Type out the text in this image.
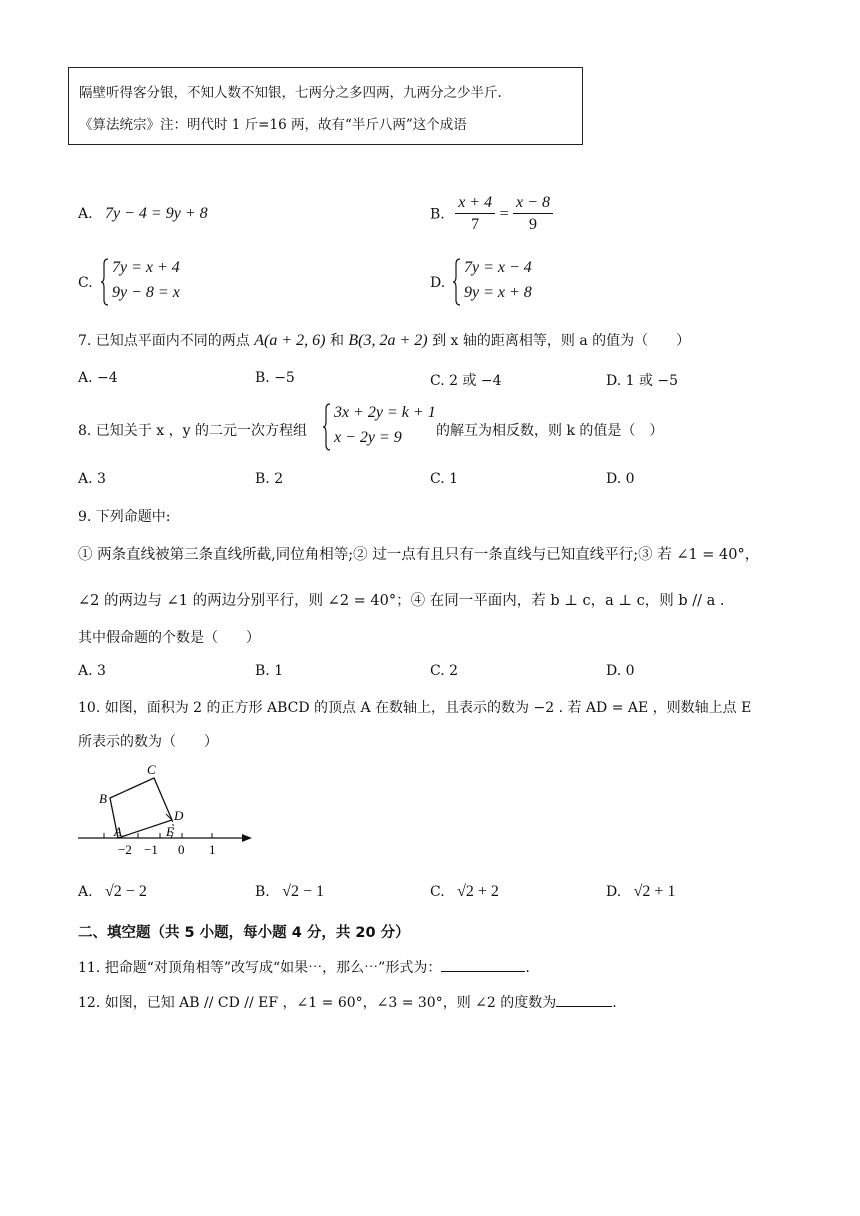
隔壁听得客分银，不知人数不知银，七两分之多四两，九两分之少半斤.
《算法统宗》注：明代时 1 斤=16 两，故有“半斤八两”这个成语
A. 7y − 4 = 9y + 8	B. $\frac{x + 4}{7} = \frac{x - 8}{9}$
C.
7y = x + 4
9y − 8 = x
D.
7y = x − 4
9y = x + 8
7. 已知点平面内不同的两点 A(a + 2, 6) 和 B(3, 2a + 2) 到 x 轴的距离相等，则 a 的值为（　　）
A. −4	B. −5	C. 2 或 −4	D. 1 或 −5
8. 已知关于 x ，y 的二元一次方程组
3x + 2y = k + 1
x − 2y = 9 的解互为相反数，则 k 的值是（　）
A. 3	B. 2	C. 1	D. 0
9. 下列命题中:
① 两条直线被第三条直线所截,同位角相等;② 过一点有且只有一条直线与已知直线平行;③ 若 ∠1 = 40°，
∠2 的两边与 ∠1 的两边分别平行，则 ∠2 = 40°；④ 在同一平面内，若 b ⊥ c，a ⊥ c，则 b // a .
其中假命题的个数是（　　）
A. 3	B. 1	C. 2	D. 0
10. 如图，面积为 2 的正方形 ABCD 的顶点 A 在数轴上，且表示的数为 −2 . 若 AD = AE ，则数轴上点 E
所表示的数为（　　）
A
B
C
D
E
−2 −1 0 1
A. √2 − 2	B. √2 − 1	C. √2 + 2	D. √2 + 1
二、填空题（共 5 小题，每小题 4 分，共 20 分）
11. 把命题“对顶角相等”改写成“如果⋯，那么⋯”形式为：	.
12. 如图，已知 AB // CD // EF ，∠1 = 60°，∠3 = 30°，则 ∠2 的度数为	.
